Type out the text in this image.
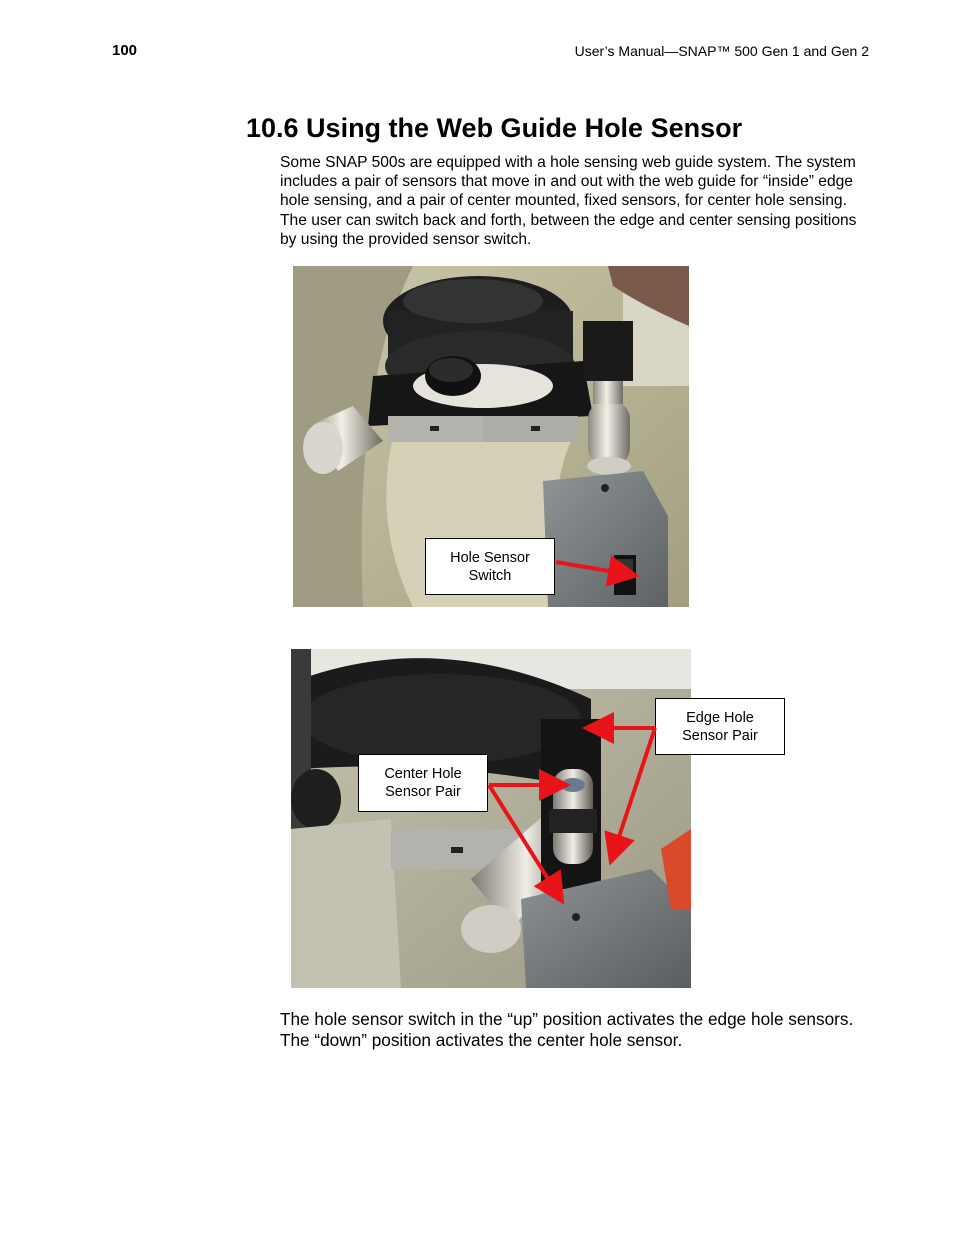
100	User’s Manual—SNAP™ 500 Gen 1 and Gen 2
10.6 Using the Web Guide Hole Sensor

Some SNAP 500s are equipped with a hole sensing web guide system. The system includes a pair of sensors that move in and out with the web guide for “inside” edge hole sensing, and a pair of center mounted, fixed sensors, for center hole sensing. The user can switch back and forth, between the edge and center sensing positions by using the provided sensor switch.

Hole Sensor Switch
Edge Hole Sensor Pair
Center Hole Sensor Pair

The hole sensor switch in the “up” position activates the edge hole sensors. The “down” position activates the center hole sensor.
